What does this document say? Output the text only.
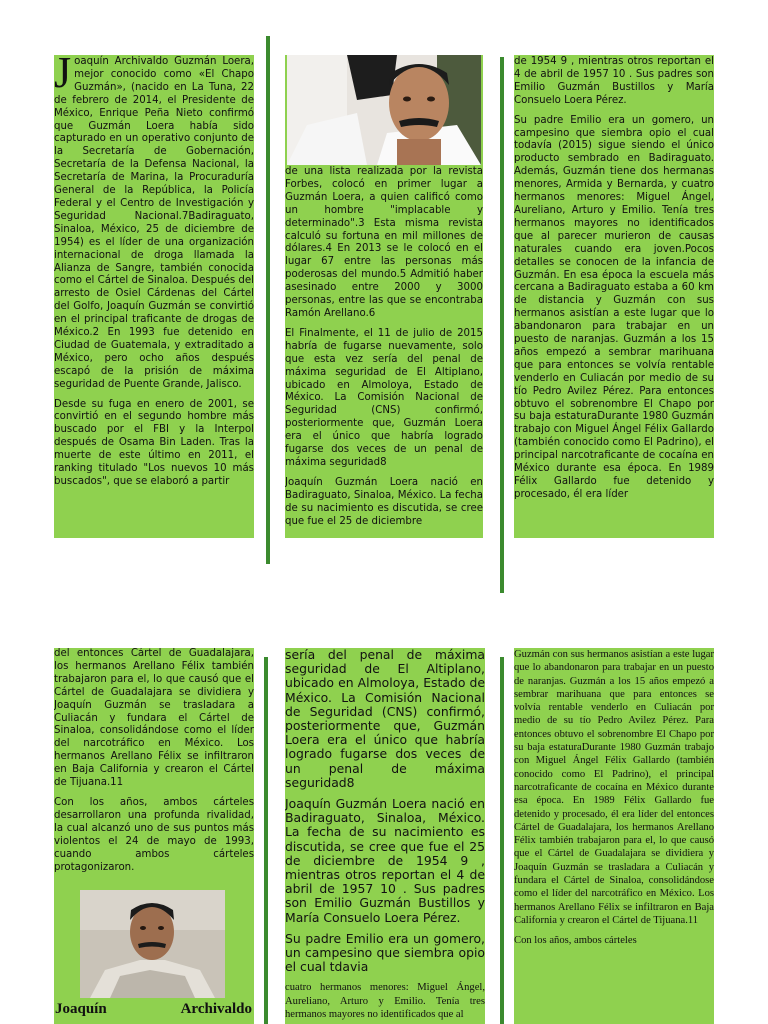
Joaquín Archivaldo Guzmán Loera, mejor conocido como «El Chapo Guzmán», (nacido en La Tuna, 22 de febrero de 2014, el Presidente de México, Enrique Peña Nieto confirmó que Guzmán Loera había sido capturado en un operativo conjunto de la Secretaría de Gobernación, Secretaría de la Defensa Nacional, la Secretaría de Marina, la Procuraduría General de la República, la Policía Federal y el Centro de Investigación y Seguridad Nacional.7Badiraguato, Sinaloa, México, 25 de diciembre de 1954) es el líder de una organización internacional de droga llamada la Alianza de Sangre, también conocida como el Cártel de Sinaloa. Después del arresto de Osiel Cárdenas del Cártel del Golfo, Joaquín Guzmán se convirtió en el principal traficante de drogas de México.2 En 1993 fue detenido en Ciudad de Guatemala, y extraditado a México, pero ocho años después escapó de la prisión de máxima seguridad de Puente Grande, Jalisco.

Desde su fuga en enero de 2001, se convirtió en el segundo hombre más buscado por el FBI y la Interpol después de Osama Bin Laden. Tras la muerte de este último en 2011, el ranking titulado "Los nuevos 10 más buscados", que se elaboró a partir

de una lista realizada por la revista Forbes, colocó en primer lugar a Guzmán Loera, a quien calificó como un hombre "implacable y determinado".3 Esta misma revista calculó su fortuna en mil millones de dólares.4 En 2013 se le colocó en el lugar 67 entre las personas más poderosas del mundo.5 Admitió haber asesinado entre 2000 y 3000 personas, entre las que se encontraba Ramón Arellano.6

El Finalmente, el 11 de julio de 2015 habría de fugarse nuevamente, solo que esta vez sería del penal de máxima seguridad de El Altiplano, ubicado en Almoloya, Estado de México. La Comisión Nacional de Seguridad (CNS) confirmó, posteriormente que, Guzmán Loera era el único que habría logrado fugarse dos veces de un penal de máxima seguridad8

Joaquín Guzmán Loera nació en Badiraguato, Sinaloa, México. La fecha de su nacimiento es discutida, se cree que fue el 25 de diciembre

de 1954 9 , mientras otros reportan el 4 de abril de 1957 10 . Sus padres son Emilio Guzmán Bustillos y María Consuelo Loera Pérez.

Su padre Emilio era un gomero, un campesino que siembra opio el cual todavía (2015) sigue siendo el único producto sembrado en Badiraguato. Además, Guzmán tiene dos hermanas menores, Armida y Bernarda, y cuatro hermanos menores: Miguel Ángel, Aureliano, Arturo y Emilio. Tenía tres hermanos mayores no identificados que al parecer murieron de causas naturales cuando era joven.Pocos detalles se conocen de la infancia de Guzmán. En esa época la escuela más cercana a Badiraguato estaba a 60 km de distancia y Guzmán con sus hermanos asistían a este lugar que lo abandonaron para trabajar en un puesto de naranjas. Guzmán a los 15 años empezó a sembrar marihuana que para entonces se volvía rentable venderlo en Culiacán por medio de su tío Pedro Avilez Pérez. Para entonces obtuvo el sobrenombre El Chapo por su baja estaturaDurante 1980 Guzmán trabajo con Miguel Ángel Félix Gallardo (también conocido como El Padrino), el principal narcotraficante de cocaína en México durante esa época. En 1989 Félix Gallardo fue detenido y procesado, él era líder

del entonces Cártel de Guadalajara, los hermanos Arellano Félix también trabajaron para el, lo que causó que el Cártel de Guadalajara se dividiera y Joaquín Guzmán se trasladara a Culiacán y fundara el Cártel de Sinaloa, consolidándose como el líder del narcotráfico en México. Los hermanos Arellano Félix se infiltraron en Baja California y crearon el Cártel de Tijuana.11

Con los años, ambos cárteles desarrollaron una profunda rivalidad, la cual alcanzó uno de sus puntos más violentos el 24 de mayo de 1993, cuando ambos cárteles protagonizaron.

Joaquín	Archivaldo

sería del penal de máxima seguridad de El Altiplano, ubicado en Almoloya, Estado de México. La Comisión Nacional de Seguridad (CNS) confirmó, posteriormente que, Guzmán Loera era el único que habría logrado fugarse dos veces de un penal de máxima seguridad8

Joaquín Guzmán Loera nació en Badiraguato, Sinaloa, México. La fecha de su nacimiento es discutida, se cree que fue el 25 de diciembre de 1954 9 , mientras otros reportan el 4 de abril de 1957 10 . Sus padres son Emilio Guzmán Bustillos y María Consuelo Loera Pérez.

Su padre Emilio era un gomero, un campesino que siembra opio el cual tdavia

cuatro hermanos menores: Miguel Ángel, Aureliano, Arturo y Emilio. Tenía tres hermanos mayores no identificados que al

Guzmán con sus hermanos asistían a este lugar que lo abandonaron para trabajar en un puesto de naranjas. Guzmán a los 15 años empezó a sembrar marihuana que para entonces se volvía rentable venderlo en Culiacán por medio de su tío Pedro Avilez Pérez. Para entonces obtuvo el sobrenombre El Chapo por su baja estaturaDurante 1980 Guzmán trabajo con Miguel Ángel Félix Gallardo (también conocido como El Padrino), el principal narcotraficante de cocaína en México durante esa época. En 1989 Félix Gallardo fue detenido y procesado, él era líder del entonces Cártel de Guadalajara, los hermanos Arellano Félix también trabajaron para el, lo que causó que el Cártel de Guadalajara se dividiera y Joaquín Guzmán se trasladara a Culiacán y fundara el Cártel de Sinaloa, consolidándose como el líder del narcotráfico en México. Los hermanos Arellano Félix se infiltraron en Baja California y crearon el Cártel de Tijuana.11

Con los años, ambos cárteles
